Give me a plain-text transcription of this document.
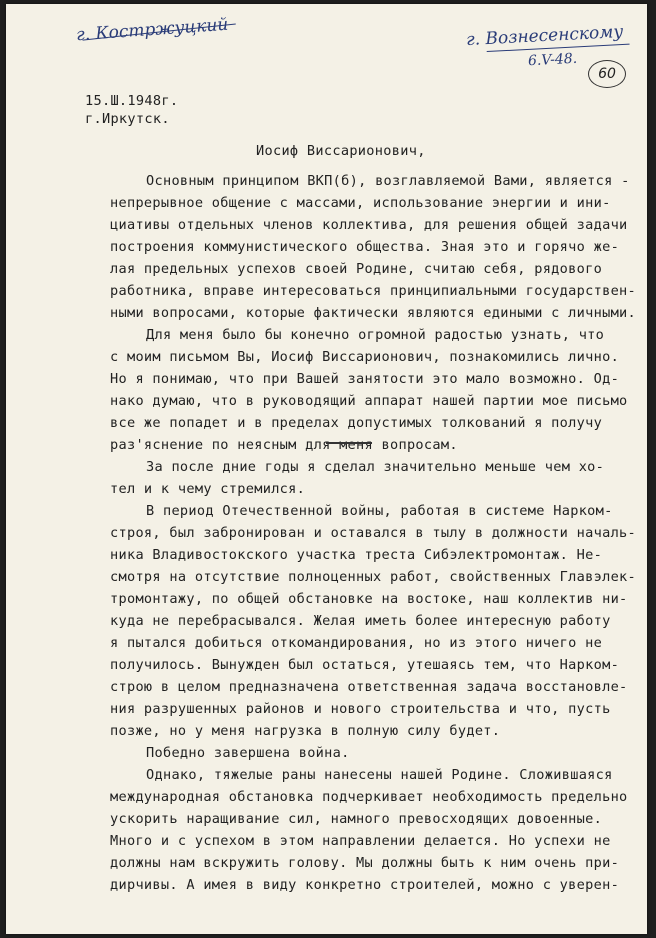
г. Костржуцкий	г. Вознесенскому
6.V-48.
60
15.Ш.1948г.
г.Иркутск.
Иосиф Виссарионович,
Основным принципом ВКП(б), возглавляемой Вами, является -
непрерывное общение с массами, использование энергии и ини-
циативы отдельных членов коллектива, для решения общей задачи
построения коммунистического общества. Зная это и горячо же-
лая предельных успехов своей Родине, считаю себя, рядового
работника, вправе интересоваться принципиальными государствен-
ными вопросами, которые фактически являются едиными с личными.
Для меня было бы конечно огромной радостью узнать, что
с моим письмом Вы, Иосиф Виссарионович, познакомились лично.
Но я понимаю, что при Вашей занятости это мало возможно. Од-
нако думаю, что в руководящий аппарат нашей партии мое письмо
все же попадет и в пределах допустимых толкований я получу
раз'яснение по неясным для меня вопросам.
За после дние годы я сделал значительно меньше чем хо-
тел и к чему стремился.
В период Отечественной войны, работая в системе Нарком-
строя, был забронирован и оставался в тылу в должности началь-
ника Владивостокского участка треста Сибэлектромонтаж. Не-
смотря на отсутствие полноценных работ, свойственных Главэлек-
тромонтажу, по общей обстановке на востоке, наш коллектив ни-
куда не перебрасывался. Желая иметь более интересную работу
я пытался добиться откомандирования, но из этого ничего не
получилось. Вынужден был остаться, утешаясь тем, что Нарком-
строю в целом предназначена ответственная задача восстановле-
ния разрушенных районов и нового строительства и что, пусть
позже, но у меня нагрузка в полную силу будет.
Победно завершена война.
Однако, тяжелые раны нанесены нашей Родине. Сложившаяся
международная обстановка подчеркивает необходимость предельно
ускорить наращивание сил, намного превосходящих довоенные.
Много и с успехом в этом направлении делается. Но успехи не
должны нам вскружить голову. Мы должны быть к ним очень при-
дирчивы. А имея в виду конкретно строителей, можно с уверен-
